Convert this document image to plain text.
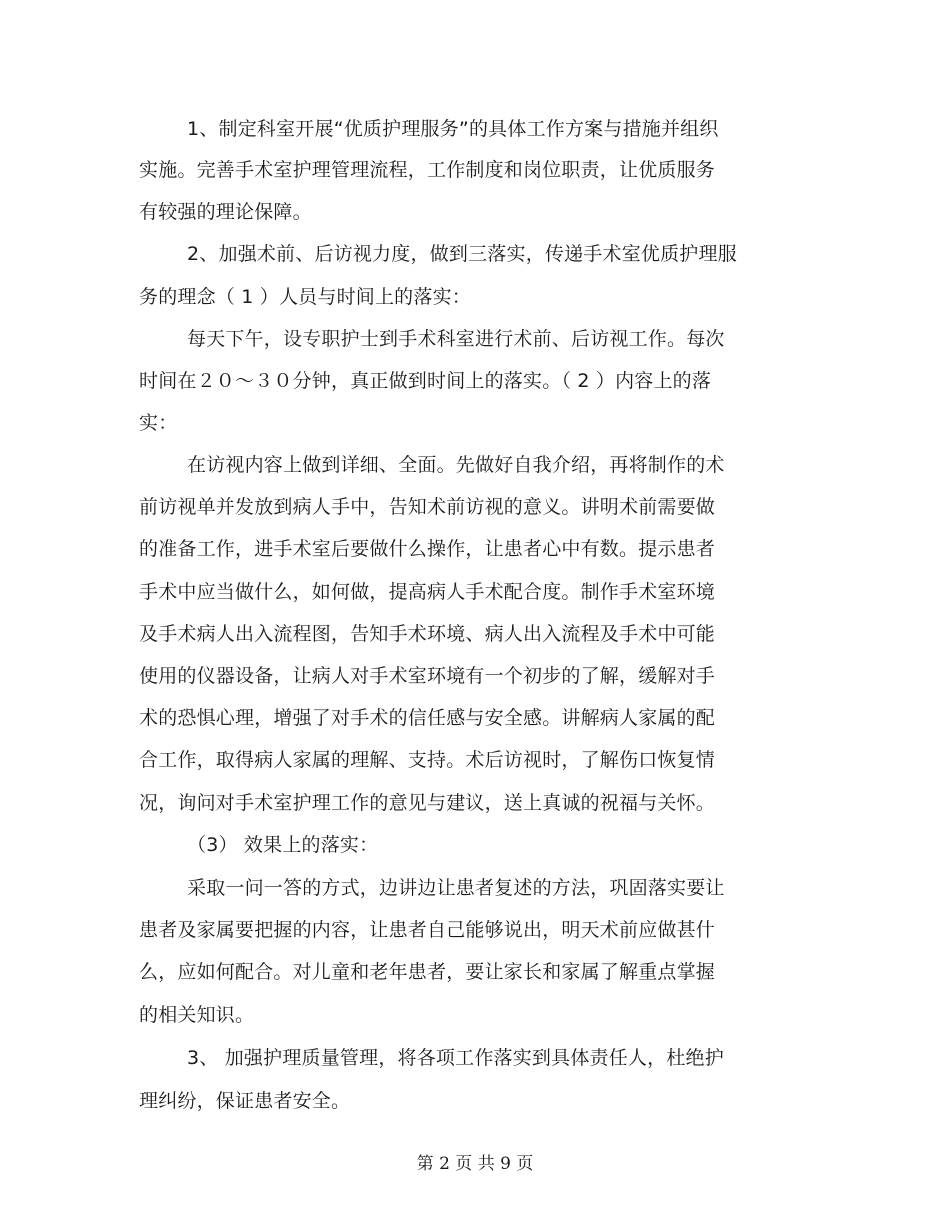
1、制定科室开展“优质护理服务”的具体工作方案与措施并组织
实施。完善手术室护理管理流程，工作制度和岗位职责，让优质服务
有较强的理论保障。
2、加强术前、后访视力度，做到三落实，传递手术室优质护理服
务的理念（ 1 ）人员与时间上的落实：
每天下午，设专职护士到手术科室进行术前、后访视工作。每次
时间在２０～３０分钟，真正做到时间上的落实。（ 2 ）内容上的落
实：
在访视内容上做到详细、全面。先做好自我介绍，再将制作的术
前访视单并发放到病人手中，告知术前访视的意义。讲明术前需要做
的准备工作，进手术室后要做什么操作，让患者心中有数。提示患者
手术中应当做什么，如何做，提高病人手术配合度。制作手术室环境
及手术病人出入流程图，告知手术环境、病人出入流程及手术中可能
使用的仪器设备，让病人对手术室环境有一个初步的了解，缓解对手
术的恐惧心理，增强了对手术的信任感与安全感。讲解病人家属的配
合工作，取得病人家属的理解、支持。术后访视时，了解伤口恢复情
况，询问对手术室护理工作的意见与建议，送上真诚的祝福与关怀。
（3） 效果上的落实：
采取一问一答的方式，边讲边让患者复述的方法，巩固落实要让
患者及家属要把握的内容，让患者自己能够说出，明天术前应做甚什
么，应如何配合。对儿童和老年患者，要让家长和家属了解重点掌握
的相关知识。
3、 加强护理质量管理，将各项工作落实到具体责任人，杜绝护
理纠纷，保证患者安全。
第 2 页 共 9 页
